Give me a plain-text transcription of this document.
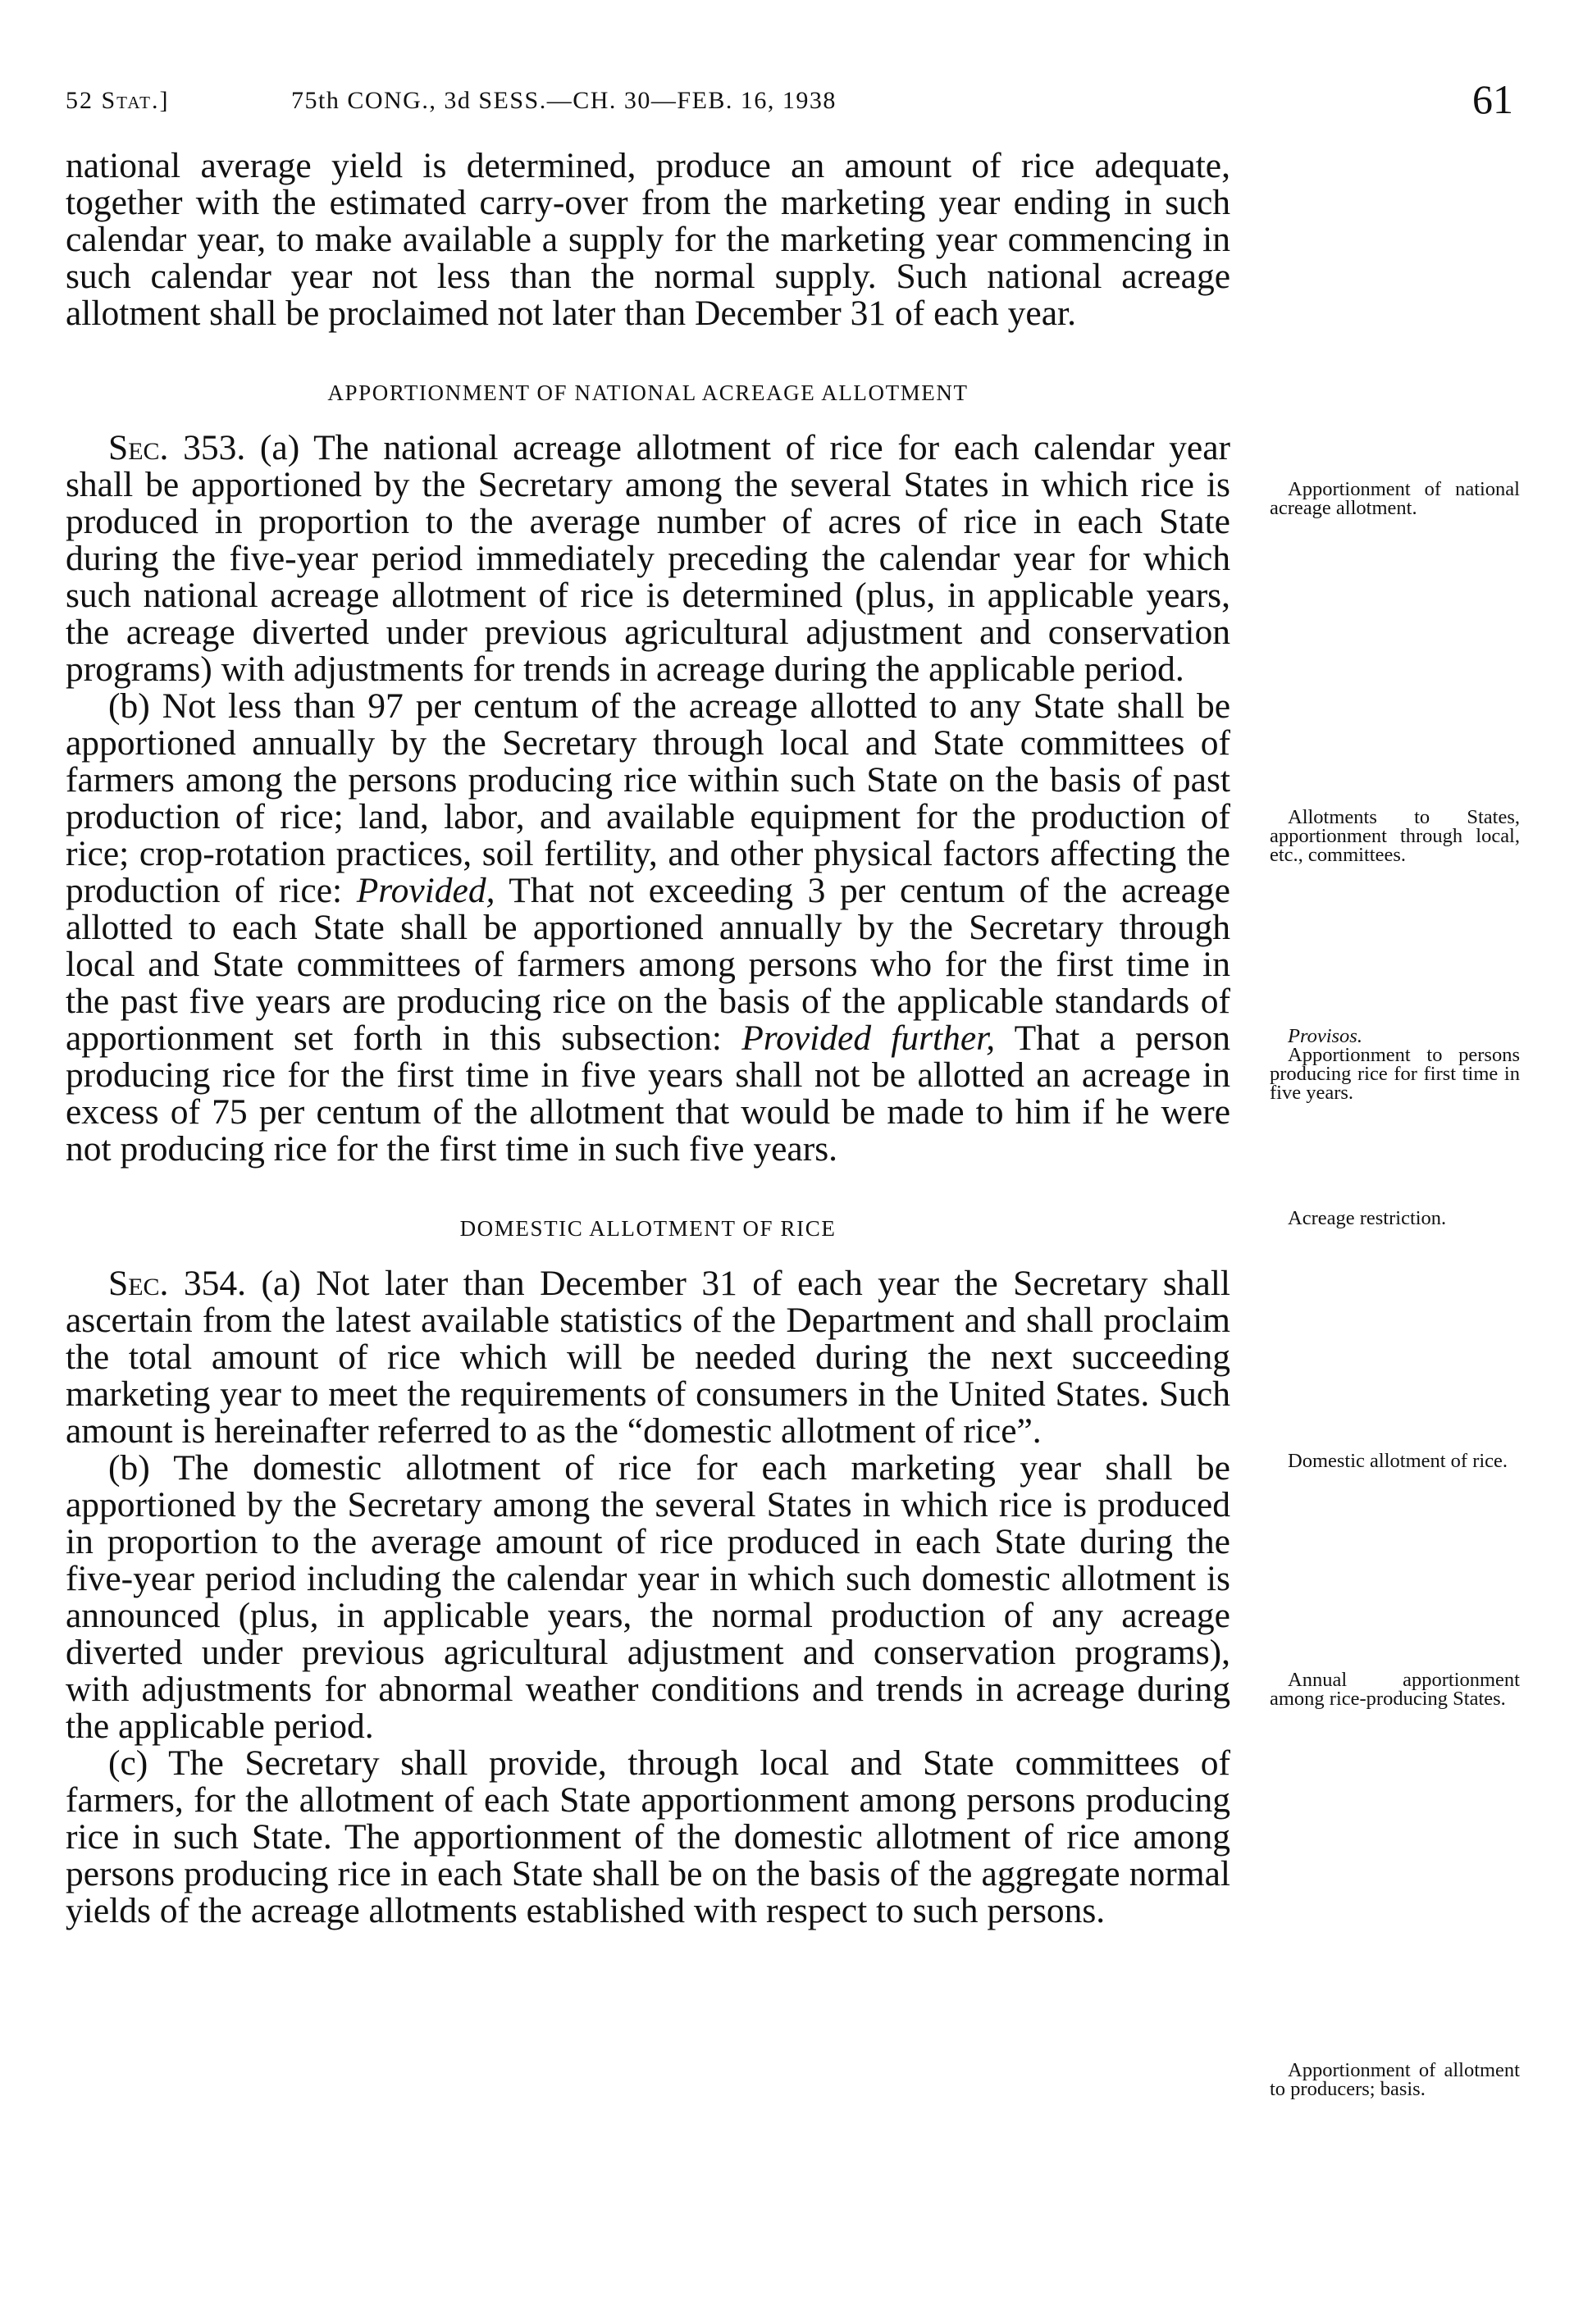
52 Stat.]	75th CONG., 3d SESS.—CH. 30—FEB. 16, 1938	61

national average yield is determined, produce an amount of rice adequate, together with the estimated carry-over from the marketing year ending in such calendar year, to make available a supply for the marketing year commencing in such calendar year not less than the normal supply. Such national acreage allotment shall be proclaimed not later than December 31 of each year.

APPORTIONMENT OF NATIONAL ACREAGE ALLOTMENT

Sec. 353. (a) The national acreage allotment of rice for each calendar year shall be apportioned by the Secretary among the several States in which rice is produced in proportion to the average number of acres of rice in each State during the five-year period immediately preceding the calendar year for which such national acreage allotment of rice is determined (plus, in applicable years, the acreage diverted under previous agricultural adjustment and conservation programs) with adjustments for trends in acreage during the applicable period.

(b) Not less than 97 per centum of the acreage allotted to any State shall be apportioned annually by the Secretary through local and State committees of farmers among the persons producing rice within such State on the basis of past production of rice; land, labor, and available equipment for the production of rice; crop-rotation practices, soil fertility, and other physical factors affecting the production of rice: Provided, That not exceeding 3 per centum of the acreage allotted to each State shall be apportioned annually by the Secretary through local and State committees of farmers among persons who for the first time in the past five years are producing rice on the basis of the applicable standards of apportionment set forth in this subsection: Provided further, That a person producing rice for the first time in five years shall not be allotted an acreage in excess of 75 per centum of the allotment that would be made to him if he were not producing rice for the first time in such five years.

DOMESTIC ALLOTMENT OF RICE

Sec. 354. (a) Not later than December 31 of each year the Secretary shall ascertain from the latest available statistics of the Department and shall proclaim the total amount of rice which will be needed during the next succeeding marketing year to meet the requirements of consumers in the United States. Such amount is hereinafter referred to as the “domestic allotment of rice”.

(b) The domestic allotment of rice for each marketing year shall be apportioned by the Secretary among the several States in which rice is produced in proportion to the average amount of rice produced in each State during the five-year period including the calendar year in which such domestic allotment is announced (plus, in applicable years, the normal production of any acreage diverted under previous agricultural adjustment and conservation programs), with adjustments for abnormal weather conditions and trends in acreage during the applicable period.

(c) The Secretary shall provide, through local and State committees of farmers, for the allotment of each State apportionment among persons producing rice in such State. The apportionment of the domestic allotment of rice among persons producing rice in each State shall be on the basis of the aggregate normal yields of the acreage allotments established with respect to such persons.

Apportionment of national acreage allotment.
Allotments to States, apportionment through local, etc., committees.
Provisos.
Apportionment to persons producing rice for first time in five years.
Acreage restriction.
Domestic allotment of rice.
Annual apportionment among rice-producing States.
Apportionment of allotment to producers; basis.
